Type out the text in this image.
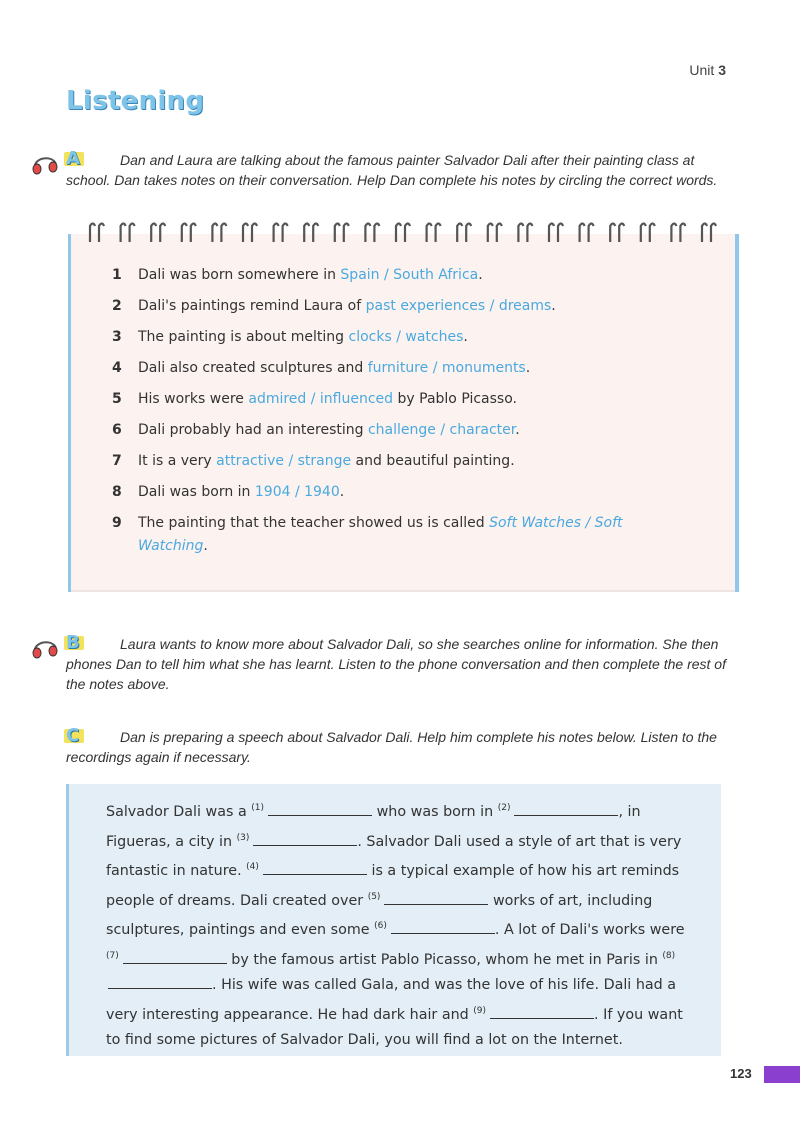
Unit 3
Listening
A	Dan and Laura are talking about the famous painter Salvador Dali after their painting class at school. Dan takes notes on their conversation. Help Dan complete his notes by circling the correct words.

1	Dali was born somewhere in Spain / South Africa.
2	Dali's paintings remind Laura of past experiences / dreams.
3	The painting is about melting clocks / watches.
4	Dali also created sculptures and furniture / monuments.
5	His works were admired / influenced by Pablo Picasso.
6	Dali probably had an interesting challenge / character.
7	It is a very attractive / strange and beautiful painting.
8	Dali was born in 1904 / 1940.
9	The painting that the teacher showed us is called Soft Watches / Soft Watching.
B	Laura wants to know more about Salvador Dali, so she searches online for information. She then phones Dan to tell him what she has learnt. Listen to the phone conversation and then complete the rest of the notes above.

C	Dan is preparing a speech about Salvador Dali. Help him complete his notes below. Listen to the recordings again if necessary.

Salvador Dali was a $^{(1)}$	who was born in $^{(2)}$	, in Figueras, a city in $^{(3)}$	. Salvador Dali used a style of art that is very fantastic in nature. $^{(4)}$	is a typical example of how his art reminds people of dreams. Dali created over $^{(5)}$	works of art, including sculptures, paintings and even some $^{(6)}$	. A lot of Dali's works were $^{(7)}$	by the famous artist Pablo Picasso, whom he met in Paris in $^{(8)}$. His wife was called Gala, and was the love of his life. Dali had a very interesting appearance. He had dark hair and $^{(9)}$	. If you want to find some pictures of Salvador Dali, you will find a lot on the Internet.
123
